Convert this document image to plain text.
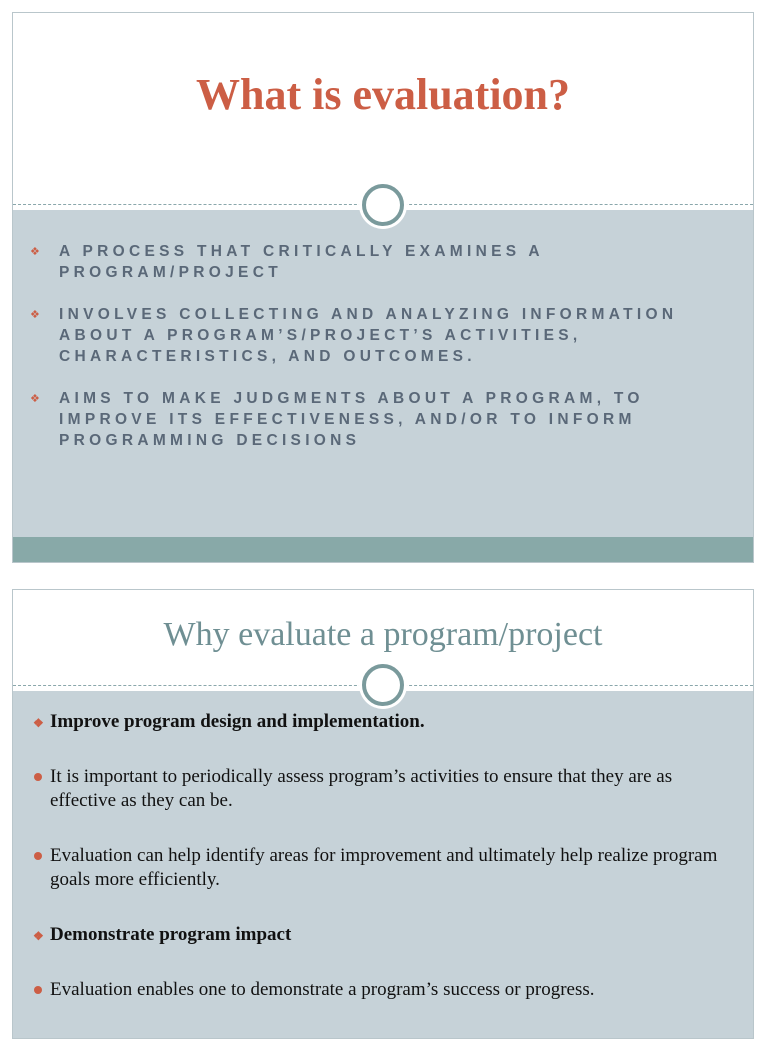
What is evaluation?
❖ A PROCESS THAT CRITICALLY EXAMINES A PROGRAM/PROJECT
❖ INVOLVES COLLECTING AND ANALYZING INFORMATION ABOUT A PROGRAM’S/PROJECT’S ACTIVITIES, CHARACTERISTICS, AND OUTCOMES.
❖ AIMS TO MAKE JUDGMENTS ABOUT A PROGRAM, TO IMPROVE ITS EFFECTIVENESS, AND/OR TO INFORM PROGRAMMING DECISIONS
Why evaluate a program/project
❖ Improve program design and implementation.
It is important to periodically assess program’s activities to ensure that they are as effective as they can be.
Evaluation can help identify areas for improvement and ultimately help realize program goals more efficiently.
❖ Demonstrate program impact
Evaluation enables one to demonstrate a program’s success or progress.
